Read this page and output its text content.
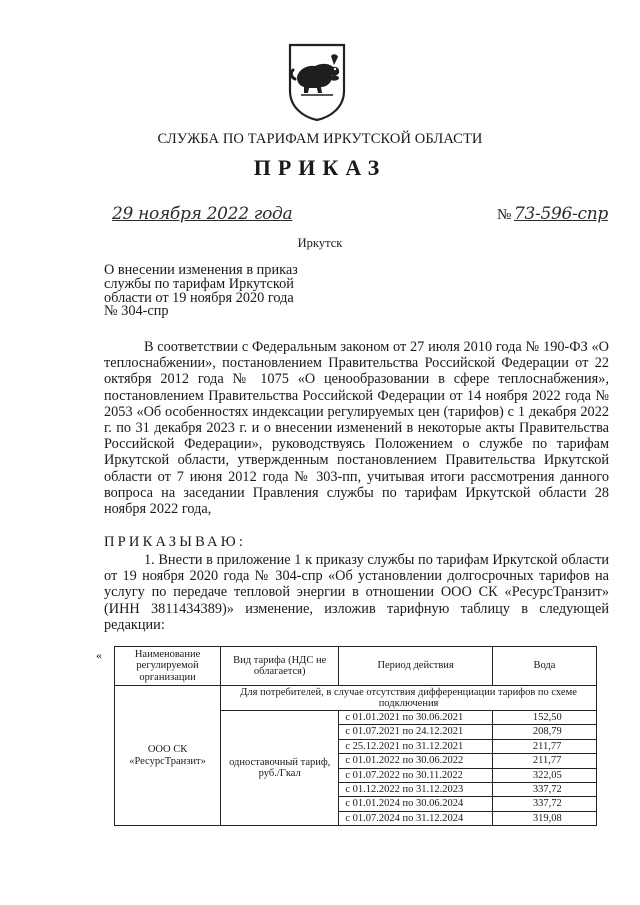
СЛУЖБА ПО ТАРИФАМ ИРКУТСКОЙ ОБЛАСТИ
ПРИКАЗ
29 ноября 2022 года	№ 73-596-спр
Иркутск
О внесении изменения в приказ
службы по тарифам Иркутской
области от 19 ноября 2020 года
№ 304-спр
В соответствии с Федеральным законом от 27 июля 2010 года № 190-ФЗ «О теплоснабжении», постановлением Правительства Российской Федерации от 22 октября 2012 года № 1075 «О ценообразовании в сфере теплоснабжения», постановлением Правительства Российской Федерации от 14 ноября 2022 года № 2053 «Об особенностях индексации регулируемых цен (тарифов) с 1 декабря 2022 г. по 31 декабря 2023 г. и о внесении изменений в некоторые акты Правительства Российской Федерации», руководствуясь Положением о службе по тарифам Иркутской области, утвержденным постановлением Правительства Иркутской области от 7 июня 2012 года № 303-пп, учитывая итоги рассмотрения данного вопроса на заседании Правления службы по тарифам Иркутской области 28 ноября 2022 года,
ПРИКАЗЫВАЮ:
1. Внести в приложение 1 к приказу службы по тарифам Иркутской области от 19 ноября 2020 года № 304-спр «Об установлении долгосрочных тарифов на услугу по передаче тепловой энергии в отношении ООО СК «РесурсТранзит» (ИНН 3811434389)» изменение, изложив тарифную таблицу в следующей редакции:
«	Наименование регулируемой организации	Вид тарифа (НДС не облагается)	Период действия	Вода
ООО СК «РесурсТранзит»	Для потребителей, в случае отсутствия дифференциации тарифов по схеме подключения		
	одноставочный тариф, руб./Гкал	с 01.01.2021 по 30.06.2021	152,50
		с 01.07.2021 по 24.12.2021	208,79
		с 25.12.2021 по 31.12.2021	211,77
		с 01.01.2022 по 30.06.2022	211,77
		с 01.07.2022 по 30.11.2022	322,05
		с 01.12.2022 по 31.12.2023	337,72
		с 01.01.2024 по 30.06.2024	337,72
		с 01.07.2024 по 31.12.2024	319,08
